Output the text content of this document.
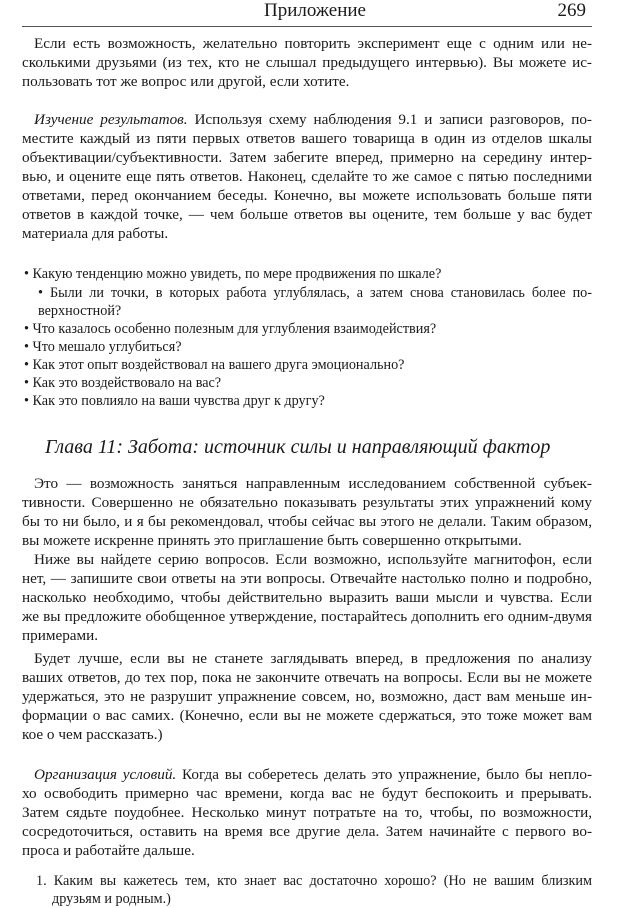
Приложение	269
Если есть возможность, желательно повторить эксперимент еще с одним или не-
сколькими друзьями (из тех, кто не слышал предыдущего интервью). Вы можете ис-
пользовать тот же вопрос или другой, если хотите.
Изучение результатов. Используя схему наблюдения 9.1 и записи разговоров, по-
местите каждый из пяти первых ответов вашего товарища в один из отделов шкалы
объективации/субъективности. Затем забегите вперед, примерно на середину интер-
вью, и оцените еще пять ответов. Наконец, сделайте то же самое с пятью последними
ответами, перед окончанием беседы. Конечно, вы можете использовать больше пяти
ответов в каждой точке, — чем больше ответов вы оцените, тем больше у вас будет
материала для работы.
• Какую тенденцию можно увидеть, по мере продвижения по шкале?
• Были ли точки, в которых работа углублялась, а затем снова становилась более по-
верхностной?
• Что казалось особенно полезным для углубления взаимодействия?
• Что мешало углубиться?
• Как этот опыт воздействовал на вашего друга эмоционально?
• Как это воздействовало на вас?
• Как это повлияло на ваши чувства друг к другу?
Глава 11: Забота: источник силы и направляющий фактор
Это — возможность заняться направленным исследованием собственной субъек-
тивности. Совершенно не обязательно показывать результаты этих упражнений кому
бы то ни было, и я бы рекомендовал, чтобы сейчас вы этого не делали. Таким образом,
вы можете искренне принять это приглашение быть совершенно открытыми.
Ниже вы найдете серию вопросов. Если возможно, используйте магнитофон, если
нет, — запишите свои ответы на эти вопросы. Отвечайте настолько полно и подробно,
насколько необходимо, чтобы действительно выразить ваши мысли и чувства. Если
же вы предложите обобщенное утверждение, постарайтесь дополнить его одним-двумя
примерами.
Будет лучше, если вы не станете заглядывать вперед, в предложения по анализу
ваших ответов, до тех пор, пока не закончите отвечать на вопросы. Если вы не можете
удержаться, это не разрушит упражнение совсем, но, возможно, даст вам меньше ин-
формации о вас самих. (Конечно, если вы не можете сдержаться, это тоже может вам
кое о чем рассказать.)
Организация условий. Когда вы соберетесь делать это упражнение, было бы непло-
хо освободить примерно час времени, когда вас не будут беспокоить и прерывать.
Затем сядьте поудобнее. Несколько минут потратьте на то, чтобы, по возможности,
сосредоточиться, оставить на время все другие дела. Затем начинайте с первого во-
проса и работайте дальше.
1. Каким вы кажетесь тем, кто знает вас достаточно хорошо? (Но не вашим близким
друзьям и родным.)
